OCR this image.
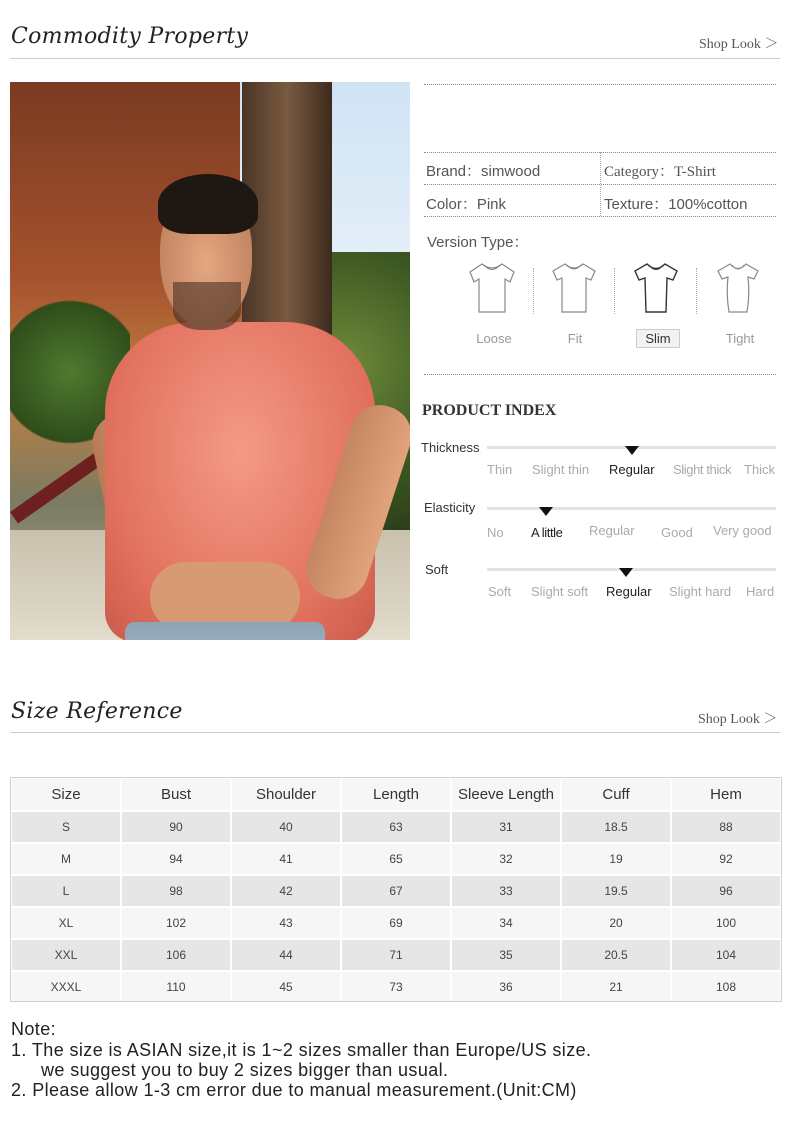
Commodity Property	Shop Look ＞
Brand：simwood	Category：T-Shirt
Color：Pink	Texture：100%cotton
Version Type：
Loose	Fit	Slim	Tight
PRODUCT INDEX
Thickness
Thin Slight thin Regular Slight thick Thick
Elasticity
No A little Regular Good Very good
Soft
Soft Slight soft Regular Slight hard Hard
Size Reference	Shop Look ＞
Size	Bust	Shoulder	Length	Sleeve Length	Cuff	Hem
S	90	40	63	31	18.5	88
M	94	41	65	32	19	92
L	98	42	67	33	19.5	96
XL	102	43	69	34	20	100
XXL	106	44	71	35	20.5	104
XXXL	110	45	73	36	21	108
Note:
1. The size is ASIAN size,it is 1~2 sizes smaller than Europe/US size.
we suggest you to buy 2 sizes bigger than usual.
2. Please allow 1-3 cm error due to manual measurement.(Unit:CM)
